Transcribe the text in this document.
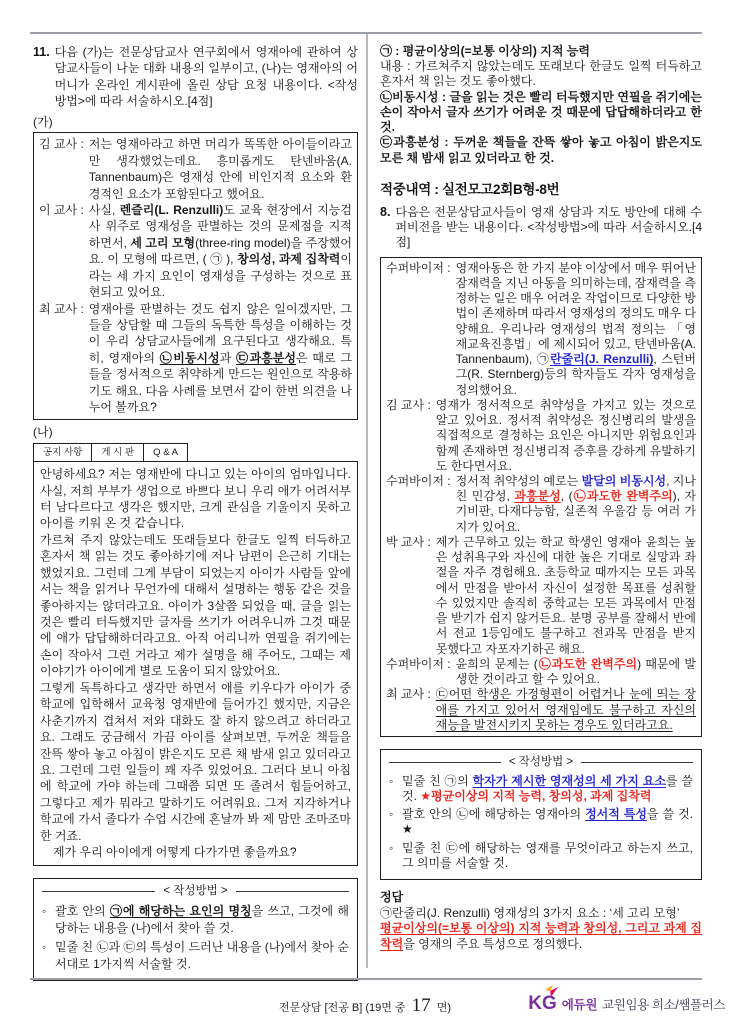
11. 다음 (가)는 전문상담교사 연구회에서 영재아에 관하여 상담교사들이 나눈 대화 내용의 일부이고, (나)는 영재아의 어머니가 온라인 게시판에 올린 상담 요청 내용이다. <작성 방법>에 따라 서술하시오.[4점]
(가)
김 교사 : 저는 영재아라고 하면 머리가 똑똑한 아이들이라고만 생각했었는데요. 흥미롭게도 탄넨바움(A. Tannenbaum)은 영재성 안에 비인지적 요소와 환경적인 요소가 포함된다고 했어요.
이 교사 : 사실, 렌즐리(L. Renzulli)도 교육 현장에서 지능검사 위주로 영재성을 판별하는 것의 문제점을 지적하면서, 세 고리 모형(three-ring model)을 주장했어요. 이 모형에 따르면, ( ㉠ ), 창의성, 과제 집착력이라는 세 가지 요인이 영재성을 구성하는 것으로 표현되고 있어요.
최 교사 : 영재아를 판별하는 것도 쉽지 않은 일이겠지만, 그들을 상담할 때 그들의 독특한 특성을 이해하는 것이 우리 상담교사들에게 요구된다고 생각해요. 특히, 영재아의 ㉡비동시성과 ㉢과흥분성은 때로 그들을 정서적으로 취약하게 만드는 원인으로 작용하기도 해요. 다음 사례를 보면서 같이 한번 의견을 나누어 볼까요?
(나)
공지 사항	게 시 판	Q & A

안녕하세요? 저는 영재반에 다니고 있는 아이의 엄마입니다. 사실, 저희 부부가 생업으로 바쁘다 보니 우리 애가 어려서부터 남다르다고 생각은 했지만, 크게 관심을 기울이지 못하고 아이를 키워 온 것 같습니다.

가르쳐 주지 않았는데도 또래들보다 한글도 일찍 터득하고 혼자서 책 읽는 것도 좋아하기에 저나 남편이 은근히 기대는 했었지요. 그런데 그게 부담이 되었는지 아이가 사람들 앞에서는 책을 읽거나 무언가에 대해서 설명하는 행동 같은 것을 좋아하지는 않더라고요. 아이가 3살쯤 되었을 때, 글을 읽는 것은 빨리 터득했지만 글자를 쓰기가 어려우니까 그것 때문에 애가 답답해하더라고요. 아직 어리니까 연필을 쥐기에는 손이 작아서 그런 거라고 제가 설명을 해 주어도, 그때는 제 이야기가 아이에게 별로 도움이 되지 않았어요.

그렇게 독특하다고 생각만 하면서 애를 키우다가 아이가 중학교에 입학해서 교육청 영재반에 들어가긴 했지만, 지금은 사춘기까지 겹쳐서 저와 대화도 잘 하지 않으려고 하더라고요. 그래도 궁금해서 가끔 아이를 살펴보면, 두꺼운 책들을 잔뜩 쌓아 놓고 아침이 밝은지도 모른 채 밤새 읽고 있더라고요. 그런데 그런 일들이 꽤 자주 있었어요. 그러다 보니 아침에 학교에 가야 하는데 그때쯤 되면 또 졸려서 힘들어하고, 그렇다고 제가 뭐라고 말하기도 어려워요. 그저 지각하거나 학교에 가서 졸다가 수업 시간에 혼날까 봐 제 맘만 조마조마한 거죠.

제가 우리 아이에게 어떻게 다가가면 좋을까요?

< 작성방법 >
◦ 괄호 안의 ㉠에 해당하는 요인의 명칭을 쓰고, 그것에 해당하는 내용을 (나)에서 찾아 쓸 것.
◦ 밑줄 친 ㉡과 ㉢의 특성이 드러난 내용을 (나)에서 찾아 순서대로 1가지씩 서술할 것.

㉠ : 평균이상의(=보통 이상의) 지적 능력

내용 : 가르쳐주지 않았는데도 또래보다 한글도 일찍 터득하고 혼자서 책 읽는 것도 좋아했다.

㉡비동시성 : 글을 읽는 것은 빨리 터득했지만 연필을 쥐기에는 손이 작아서 글자 쓰기가 어려운 것 때문에 답답해하더라고 한 것.

㉢과흥분성 : 두꺼운 책들을 잔뜩 쌓아 놓고 아침이 밝은지도 모른 채 밤새 읽고 있더라고 한 것.

적중내역 : 실전모고2회B형-8번
8. 다음은 전문상담교사들이 영재 상담과 지도 방안에 대해 수퍼비전을 받는 내용이다. <작성방법>에 따라 서술하시오.[4점]
수퍼바이저 : 영재아동은 한 가지 분야 이상에서 매우 뛰어난 잠재력을 지닌 아동을 의미하는데, 잠재력을 측정하는 일은 매우 어려운 작업이므로 다양한 방법이 존재하며 따라서 영재성의 정의도 매우 다양해요. 우리나라 영재성의 법적 정의는 「영재교육진흥법」에 제시되어 있고, 탄넨바움(A. Tannenbaum), ㉠란줄리(J. Renzulli), 스턴버그(R. Sternberg)등의 학자들도 각자 영재성을 정의했어요.
김 교사 : 영재가 정서적으로 취약성을 가지고 있는 것으로 알고 있어요. 정서적 취약성은 정신병리의 발생을 직접적으로 결정하는 요인은 아니지만 위험요인과 함께 존재하면 정신병리적 증후를 강하게 유발하기도 한다면서요.
수퍼바이저 : 정서적 취약성의 예로는 발달의 비동시성, 지나친 민감성, 과흥분성, (㉡과도한 완벽주의), 자기비판, 다재다능함, 실존적 우울감 등 여러 가지가 있어요.
박 교사 : 제가 근무하고 있는 학교 학생인 영재아 윤희는 높은 성취욕구와 자신에 대한 높은 기대로 실망과 좌절을 자주 경험해요. 초등학교 때까지는 모든 과목에서 만점을 받아서 자신이 설정한 목표를 성취할 수 있었지만 솔직히 중학교는 모든 과목에서 만점을 받기가 쉽지 않거든요. 분명 공부를 잘해서 반에서 전교 1등임에도 불구하고 전과목 만점을 받지 못했다고 자포자기하곤 해요.
수퍼바이저 : 윤희의 문제는 (㉡과도한 완벽주의) 때문에 발생한 것이라고 할 수 있어요.
최 교사 : ㉢어떤 학생은 가정형편이 어렵거나 눈에 띄는 장애를 가지고 있어서 영재임에도 불구하고 자신의 재능을 발전시키지 못하는 경우도 있더라고요.
< 작성방법 >
◦ 밑줄 친 ㉠의 학자가 제시한 영재성의 세 가지 요소를 쓸 것. ★평균이상의 지적 능력, 창의성, 과제 집착력
◦ 괄호 안의 ㉡에 해당하는 영재아의 정서적 특성을 쓸 것. ★
◦ 밑줄 친 ㉢에 해당하는 영재를 무엇이라고 하는지 쓰고, 그 의미를 서술할 것.
정답

㉠란줄리(J. Renzulli) 영재성의 3가지 요소 : ‘세 고리 모형’

평균이상의(=보통 이상의) 지적 능력과 창의성, 그리고 과제 집착력을 영재의 주요 특성으로 정의했다.

전문상담 [전공 B] (19면 중 17 면)	KG 에듀원 교원임용 희소/쌤플러스
